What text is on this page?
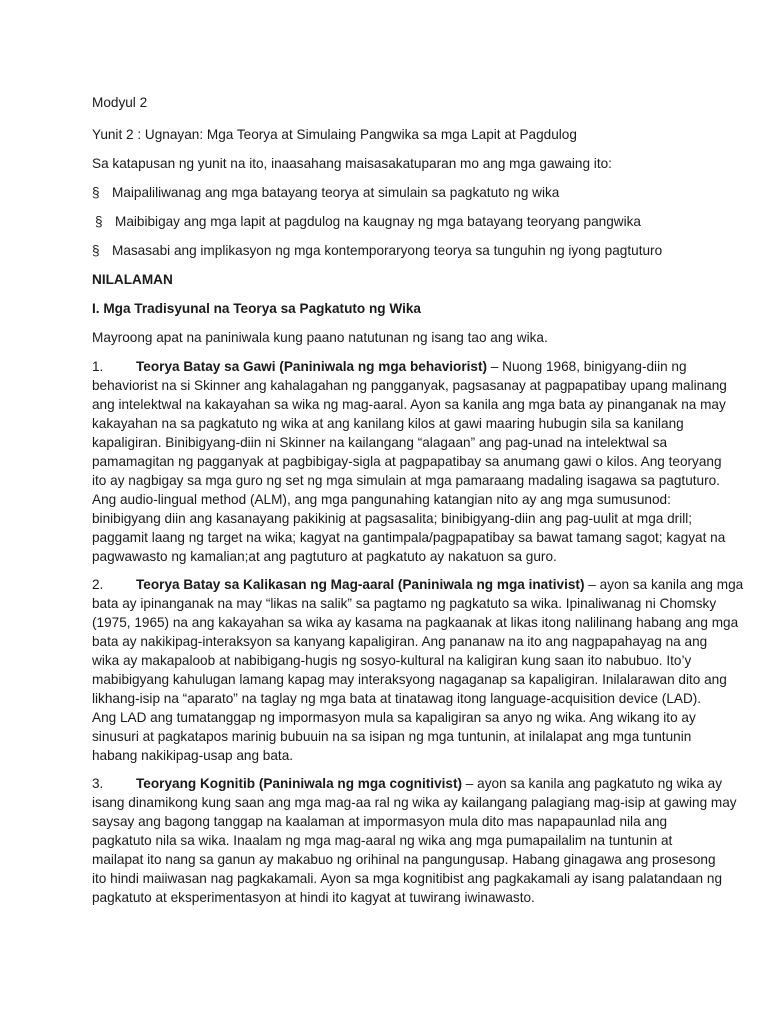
Modyul 2
Yunit 2 : Ugnayan: Mga Teorya at Simulaing Pangwika sa mga Lapit at Pagdulog
Sa katapusan ng yunit na ito, inaasahang maisasakatuparan mo ang mga gawaing ito:
§ Maipaliliwanag ang mga batayang teorya at simulain sa pagkatuto ng wika
§ Maibibigay ang mga lapit at pagdulog na kaugnay ng mga batayang teoryang pangwika
§ Masasabi ang implikasyon ng mga kontemporaryong teorya sa tunguhin ng iyong pagtuturo
NILALAMAN
I. Mga Tradisyunal na Teorya sa Pagkatuto ng Wika
Mayroong apat na paniniwala kung paano natutunan ng isang tao ang wika.
1. Teorya Batay sa Gawi (Paniniwala ng mga behaviorist) – Nuong 1968, binigyang-diin ng
behaviorist na si Skinner ang kahalagahan ng pangganyak, pagsasanay at pagpapatibay upang malinang
ang intelektwal na kakayahan sa wika ng mag-aaral. Ayon sa kanila ang mga bata ay pinanganak na may
kakayahan na sa pagkatuto ng wika at ang kanilang kilos at gawi maaring hubugin sila sa kanilang
kapaligiran. Binibigyang-diin ni Skinner na kailangang “alagaan” ang pag-unad na intelektwal sa
pamamagitan ng pagganyak at pagbibigay-sigla at pagpapatibay sa anumang gawi o kilos. Ang teoryang
ito ay nagbigay sa mga guro ng set ng mga simulain at mga pamaraang madaling isagawa sa pagtuturo.
Ang audio-lingual method (ALM), ang mga pangunahing katangian nito ay ang mga sumusunod:
binibigyang diin ang kasanayang pakikinig at pagsasalita; binibigyang-diin ang pag-uulit at mga drill;
paggamit laang ng target na wika; kagyat na gantimpala/pagpapatibay sa bawat tamang sagot; kagyat na
pagwawasto ng kamalian;at ang pagtuturo at pagkatuto ay nakatuon sa guro.
2. Teorya Batay sa Kalikasan ng Mag-aaral (Paniniwala ng mga inativist) – ayon sa kanila ang mga
bata ay ipinanganak na may “likas na salik” sa pagtamo ng pagkatuto sa wika. Ipinaliwanag ni Chomsky
(1975, 1965) na ang kakayahan sa wika ay kasama na pagkaanak at likas itong nalilinang habang ang mga
bata ay nakikipag-interaksyon sa kanyang kapaligiran. Ang pananaw na ito ang nagpapahayag na ang
wika ay makapaloob at nabibigang-hugis ng sosyo-kultural na kaligiran kung saan ito nabubuo. Ito’y
mabibigyang kahulugan lamang kapag may interaksyong nagaganap sa kapaligiran. Inilalarawan dito ang
likhang-isip na “aparato” na taglay ng mga bata at tinatawag itong language-acquisition device (LAD).
Ang LAD ang tumatanggap ng impormasyon mula sa kapaligiran sa anyo ng wika. Ang wikang ito ay
sinusuri at pagkatapos marinig bubuuin na sa isipan ng mga tuntunin, at inilalapat ang mga tuntunin
habang nakikipag-usap ang bata.
3. Teoryang Kognitib (Paniniwala ng mga cognitivist) – ayon sa kanila ang pagkatuto ng wika ay
isang dinamikong kung saan ang mga mag-aa ral ng wika ay kailangang palagiang mag-isip at gawing may
saysay ang bagong tanggap na kaalaman at impormasyon mula dito mas napapaunlad nila ang
pagkatuto nila sa wika. Inaalam ng mga mag-aaral ng wika ang mga pumapailalim na tuntunin at
mailapat ito nang sa ganun ay makabuo ng orihinal na pangungusap. Habang ginagawa ang prosesong
ito hindi maiiwasan nag pagkakamali. Ayon sa mga kognitibist ang pagkakamali ay isang palatandaan ng
pagkatuto at eksperimentasyon at hindi ito kagyat at tuwirang iwinawasto.
